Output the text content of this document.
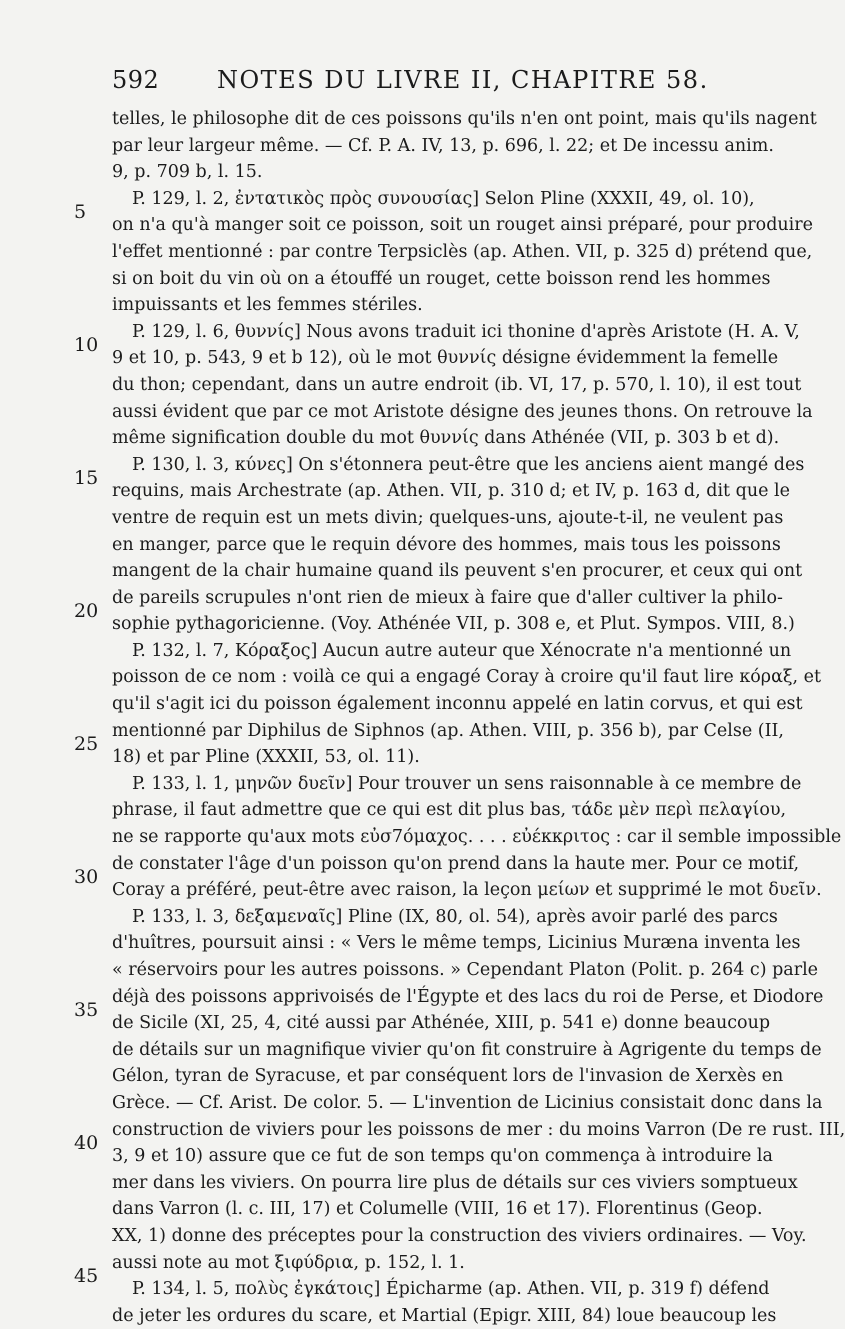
592 NOTES DU LIVRE II, CHAPITRE 58.
5
10
15
20
25
30
35
40
45
telles, le philosophe dit de ces poissons qu'ils n'en ont point, mais qu'ils nagent
par leur largeur même. — Cf. P. A. IV, 13, p. 696, l. 22; et De incessu anim.
9, p. 709 b, l. 15.
P. 129, l. 2, ἐντατικὸς πρὸς συνουσίας] Selon Pline (XXXII, 49, ol. 10),
on n'a qu'à manger soit ce poisson, soit un rouget ainsi préparé, pour produire
l'effet mentionné : par contre Terpsiclès (ap. Athen. VII, p. 325 d) prétend que,
si on boit du vin où on a étouffé un rouget, cette boisson rend les hommes
impuissants et les femmes stériles.
P. 129, l. 6, θυννίς] Nous avons traduit ici thonine d'après Aristote (H. A. V,
9 et 10, p. 543, 9 et b 12), où le mot θυννίς désigne évidemment la femelle
du thon; cependant, dans un autre endroit (ib. VI, 17, p. 570, l. 10), il est tout
aussi évident que par ce mot Aristote désigne des jeunes thons. On retrouve la
même signification double du mot θυννίς dans Athénée (VII, p. 303 b et d).
P. 130, l. 3, κύνες] On s'étonnera peut-être que les anciens aient mangé des
requins, mais Archestrate (ap. Athen. VII, p. 310 d; et IV, p. 163 d, dit que le
ventre de requin est un mets divin; quelques-uns, ajoute-t-il, ne veulent pas
en manger, parce que le requin dévore des hommes, mais tous les poissons
mangent de la chair humaine quand ils peuvent s'en procurer, et ceux qui ont
de pareils scrupules n'ont rien de mieux à faire que d'aller cultiver la philo-
sophie pythagoricienne. (Voy. Athénée VII, p. 308 e, et Plut. Sympos. VIII, 8.)
P. 132, l. 7, Κόραξος] Aucun autre auteur que Xénocrate n'a mentionné un
poisson de ce nom : voilà ce qui a engagé Coray à croire qu'il faut lire κόραξ, et
qu'il s'agit ici du poisson également inconnu appelé en latin corvus, et qui est
mentionné par Diphilus de Siphnos (ap. Athen. VIII, p. 356 b), par Celse (II,
18) et par Pline (XXXII, 53, ol. 11).
P. 133, l. 1, μηνῶν δυεῖν] Pour trouver un sens raisonnable à ce membre de
phrase, il faut admettre que ce qui est dit plus bas, τάδε μὲν περὶ πελαγίου,
ne se rapporte qu'aux mots εὐσ7όμαχος. . . . εὐέκκριτος : car il semble impossible
de constater l'âge d'un poisson qu'on prend dans la haute mer. Pour ce motif,
Coray a préféré, peut-être avec raison, la leçon μείων et supprimé le mot δυεῖν.
P. 133, l. 3, δεξαμεναῖς] Pline (IX, 80, ol. 54), après avoir parlé des parcs
d'huîtres, poursuit ainsi : « Vers le même temps, Licinius Muræna inventa les
« réservoirs pour les autres poissons. » Cependant Platon (Polit. p. 264 c) parle
déjà des poissons apprivoisés de l'Égypte et des lacs du roi de Perse, et Diodore
de Sicile (XI, 25, 4, cité aussi par Athénée, XIII, p. 541 e) donne beaucoup
de détails sur un magnifique vivier qu'on fit construire à Agrigente du temps de
Gélon, tyran de Syracuse, et par conséquent lors de l'invasion de Xerxès en
Grèce. — Cf. Arist. De color. 5. — L'invention de Licinius consistait donc dans la
construction de viviers pour les poissons de mer : du moins Varron (De re rust. III,
3, 9 et 10) assure que ce fut de son temps qu'on commença à introduire la
mer dans les viviers. On pourra lire plus de détails sur ces viviers somptueux
dans Varron (l. c. III, 17) et Columelle (VIII, 16 et 17). Florentinus (Geop.
XX, 1) donne des préceptes pour la construction des viviers ordinaires. — Voy.
aussi note au mot ξιφύδρια, p. 152, l. 1.
P. 134, l. 5, πολὺς ἐγκάτοις] Épicharme (ap. Athen. VII, p. 319 f) défend
de jeter les ordures du scare, et Martial (Epigr. XIII, 84) loue beaucoup les
